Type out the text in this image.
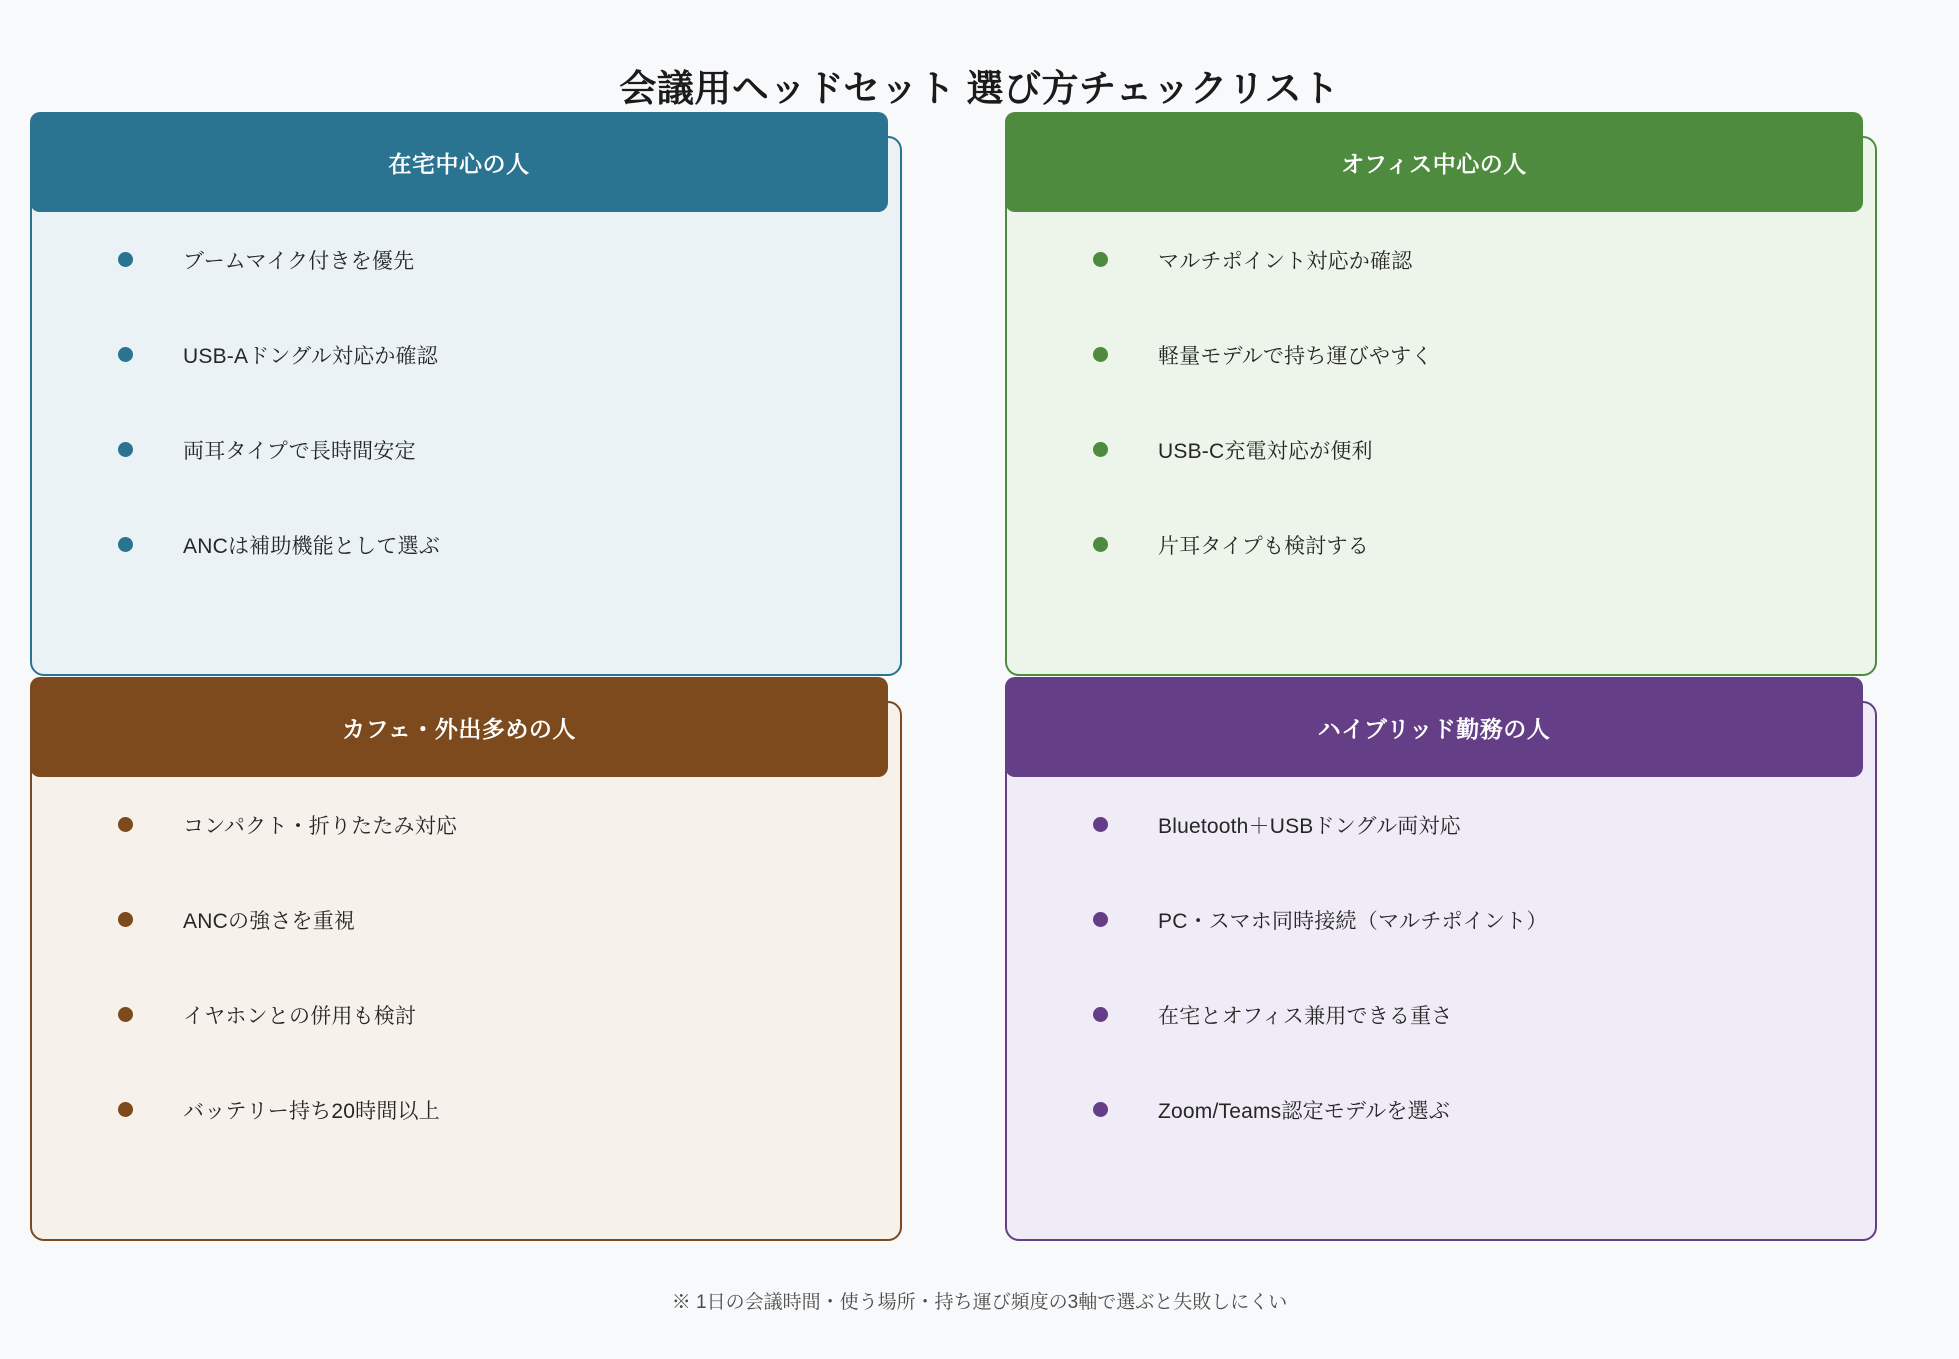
会議用ヘッドセット 選び方チェックリスト
在宅中心の人
ブームマイク付きを優先
USB-Aドングル対応か確認
両耳タイプで長時間安定
ANCは補助機能として選ぶ
オフィス中心の人
マルチポイント対応か確認
軽量モデルで持ち運びやすく
USB-C充電対応が便利
片耳タイプも検討する
カフェ・外出多めの人
コンパクト・折りたたみ対応
ANCの強さを重視
イヤホンとの併用も検討
バッテリー持ち20時間以上
ハイブリッド勤務の人
Bluetooth＋USBドングル両対応
PC・スマホ同時接続（マルチポイント）
在宅とオフィス兼用できる重さ
Zoom/Teams認定モデルを選ぶ
※ 1日の会議時間・使う場所・持ち運び頻度の3軸で選ぶと失敗しにくい
